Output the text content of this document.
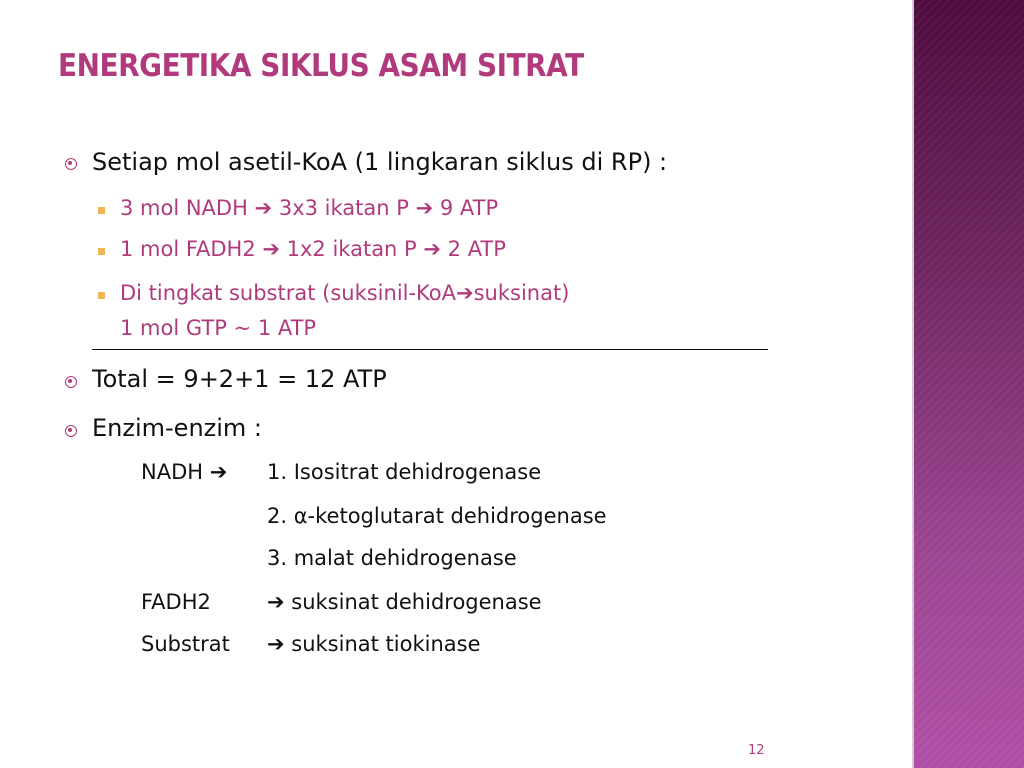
ENERGETIKA SIKLUS ASAM SITRAT
Setiap mol asetil-KoA (1 lingkaran siklus di RP) :
3 mol NADH ➔ 3x3 ikatan P ➔ 9 ATP
1 mol FADH2 ➔ 1x2 ikatan P ➔ 2 ATP
Di tingkat substrat (suksinil-KoA➔suksinat)
1 mol GTP ~ 1 ATP
Total = 9+2+1 = 12 ATP
Enzim-enzim :
NADH ➔ 1. Isositrat dehidrogenase
2. α-ketoglutarat dehidrogenase
3. malat dehidrogenase
FADH2	➔ suksinat dehidrogenase
Substrat ➔ suksinat tiokinase
12
